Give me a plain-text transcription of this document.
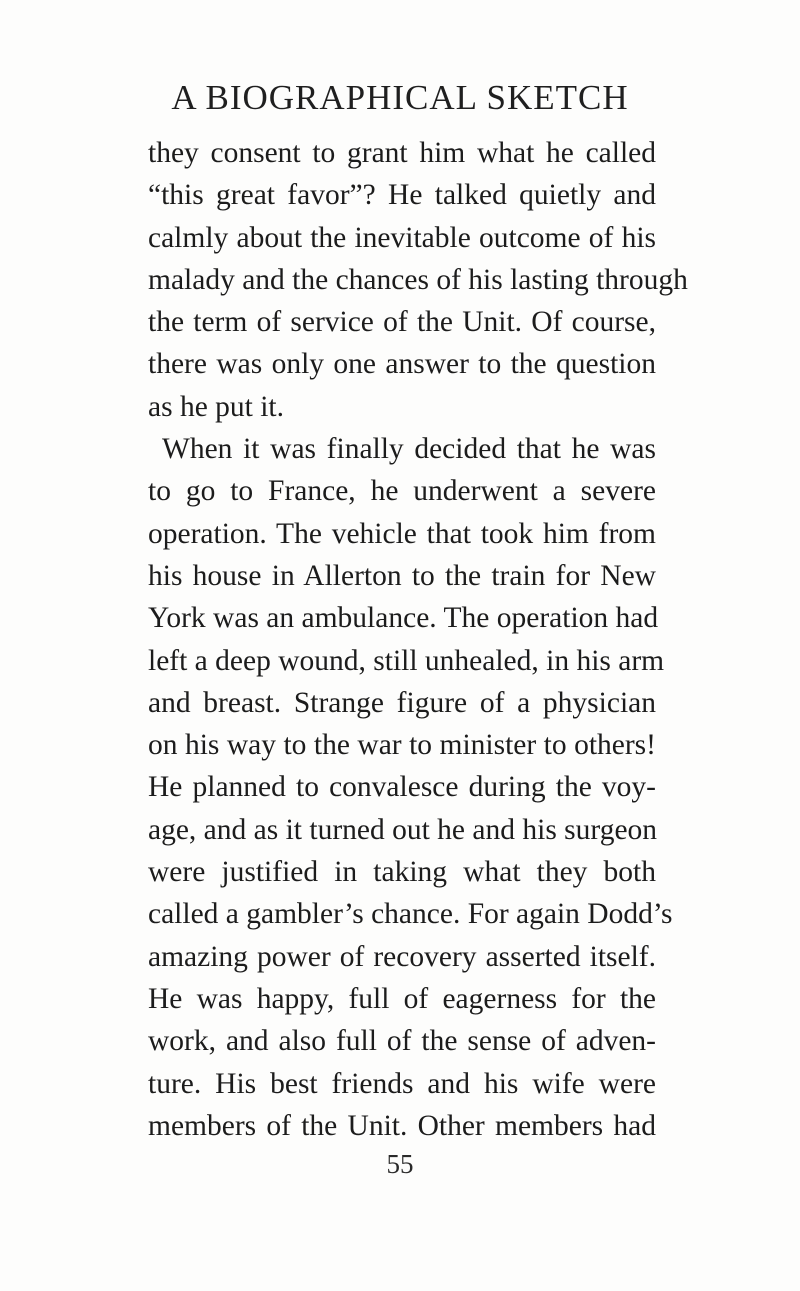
A BIOGRAPHICAL SKETCH
they consent to grant him what he called
“this great favor”? He talked quietly and
calmly about the inevitable outcome of his
malady and the chances of his lasting through
the term of service of the Unit. Of course,
there was only one answer to the question
as he put it.
When it was finally decided that he was
to go to France, he underwent a severe
operation. The vehicle that took him from
his house in Allerton to the train for New
York was an ambulance. The operation had
left a deep wound, still unhealed, in his arm
and breast. Strange figure of a physician
on his way to the war to minister to others!
He planned to convalesce during the voy-
age, and as it turned out he and his surgeon
were justified in taking what they both
called a gambler’s chance. For again Dodd’s
amazing power of recovery asserted itself.
He was happy, full of eagerness for the
work, and also full of the sense of adven-
ture. His best friends and his wife were
members of the Unit. Other members had
55
